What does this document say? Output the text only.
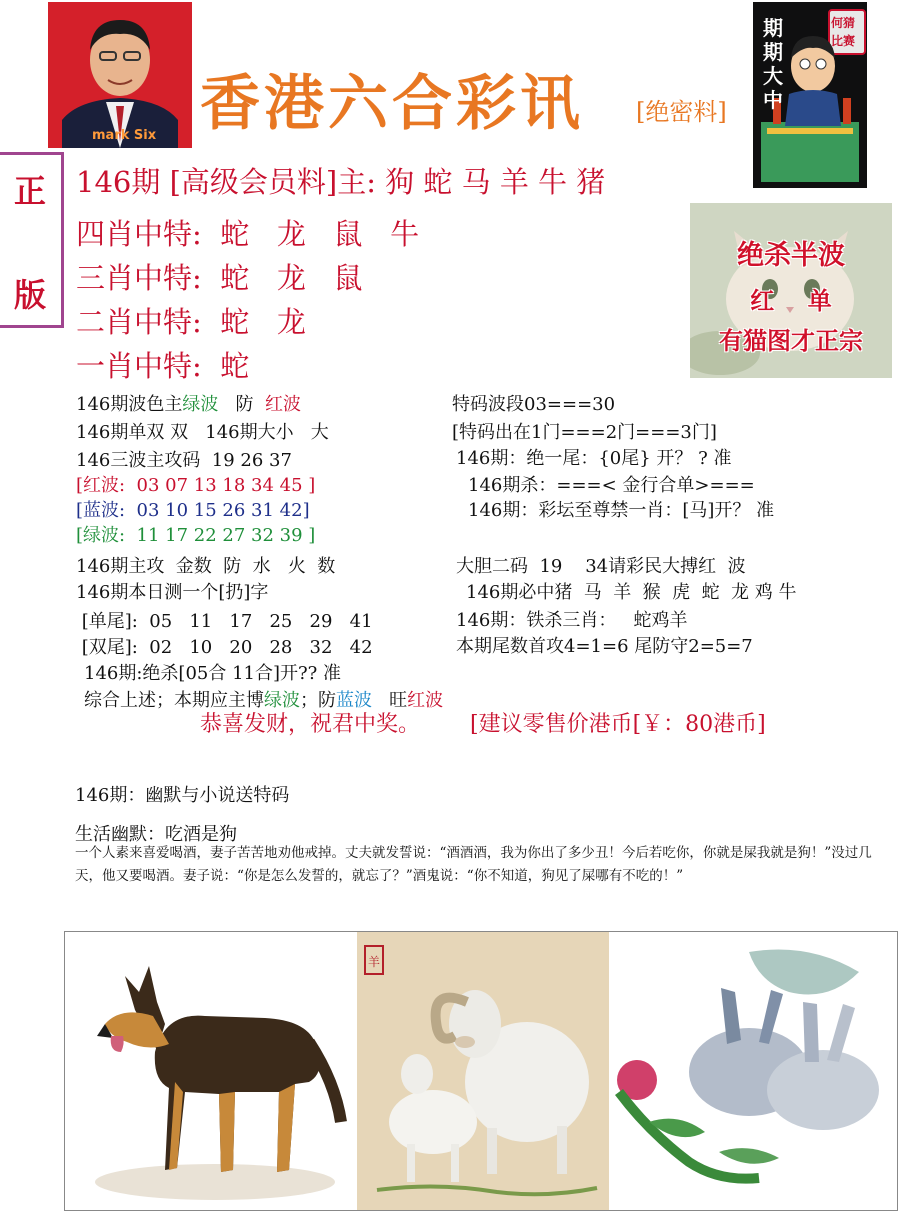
mark Six 香港六合彩讯 [绝密料]
期期大中
何猜比赛
正
版
146期 [高级会员料]主: 狗 蛇 马 羊 牛 猪
四肖中特:  蛇   龙   鼠   牛
三肖中特:  蛇   龙   鼠
二肖中特:  蛇   龙
一肖中特:  蛇
绝杀半波
红    单
有猫图才正宗
146期波色主绿波   防  红波
146期单双 双   146期大小   大
146三波主攻码  19 26 37
[红波:  03 07 13 18 34 45 ]
[蓝波:  03 10 15 26 31 42]
[绿波:  11 17 22 27 32 39 ]
146期主攻  金数  防  水   火  数
146期本日测一个[扔]字
[单尾]:  05   11   17   25   29   41
[双尾]:  02   10   20   28   32   42
146期:绝杀[05合 11合]开?? 准
综合上述；本期应主博绿波；防蓝波   旺红波
特码波段03===30
[特码出在1门===2门===3门]
146期：绝一尾：{0尾} 开？ ? 准
146期杀：===< 金行合单>===
146期：彩坛至尊禁一肖：[马]开？ 准
大胆二码  19    34请彩民大搏红  波
146期必中猪  马  羊  猴  虎  蛇  龙 鸡 牛
146期：铁杀三肖：   蛇鸡羊
本期尾数首攻4=1=6 尾防守2=5=7
恭喜发财，祝君中奖。 [建议零售价港币[￥：80港币]
146期：幽默与小说送特码
生活幽默：吃酒是狗
一个人素来喜爱喝酒，妻子苦苦地劝他戒掉。丈夫就发誓说：“酒酒酒，我为你出了多少丑！今后若吃你，你就是屎我就是狗！”没过几天，他又要喝酒。妻子说：“你是怎么发誓的，就忘了？”酒鬼说：“你不知道，狗见了屎哪有不吃的！”
羊
